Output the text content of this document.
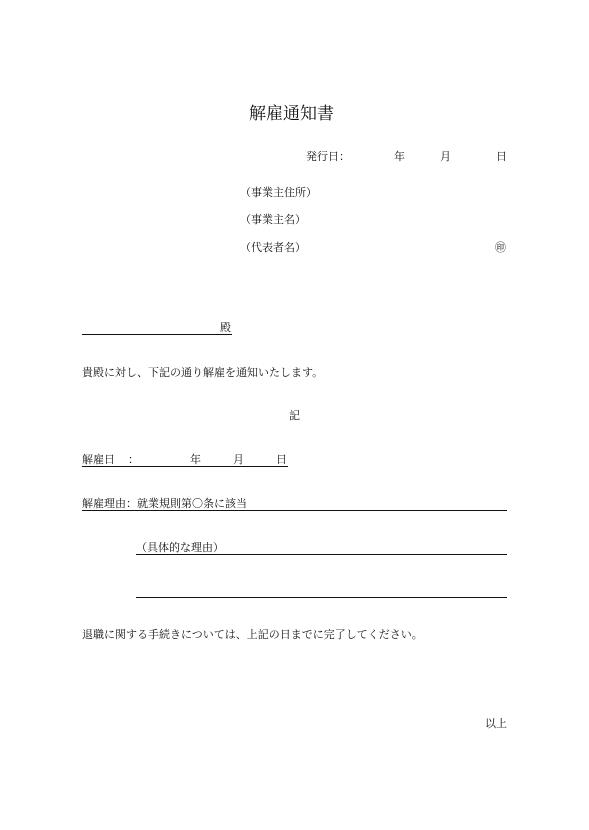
解雇通知書
発行日：	年	月	日
（事業主住所）
（事業主名）
（代表者名）	㊞
殿
貴殿に対し、下記の通り解雇を通知いたします。
記
解雇日 ：	年	月	日
解雇理由：就業規則第〇条に該当
（具体的な理由）
退職に関する手続きについては、上記の日までに完了してください。
以上
